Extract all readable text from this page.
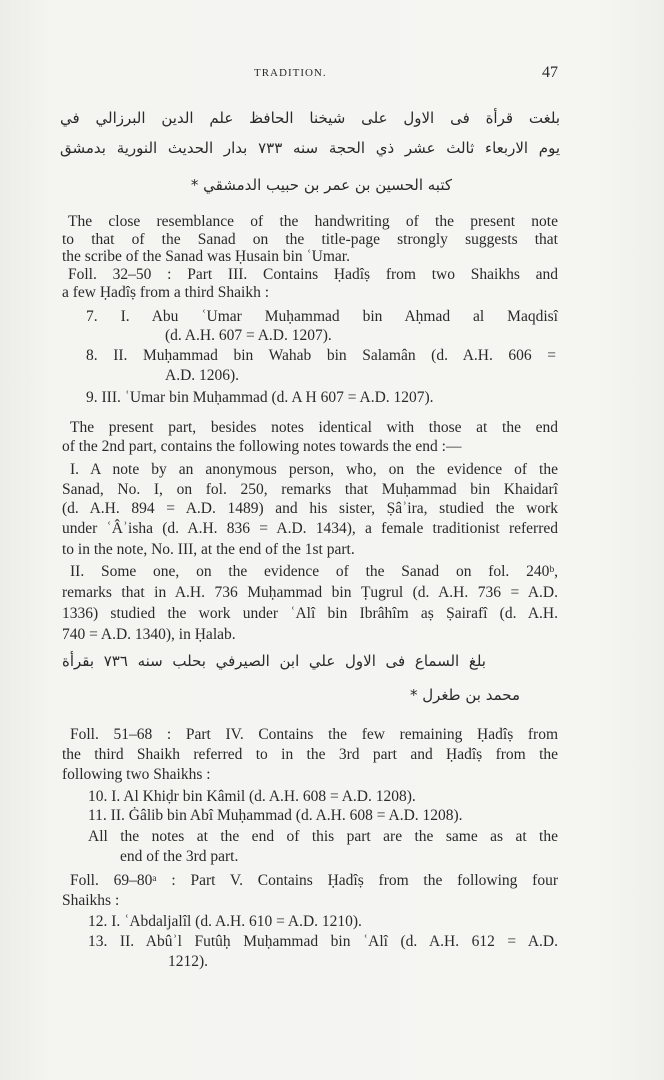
TRADITION.	47
بلغت قرأة فى الاول على شيخنا الحافظ علم الدين البرزالي في
يوم الاربعاء ثالث عشر ذي الحجة سنه ٧٣٣ بدار الحديث النورية بدمشق
كتبه الحسين بن عمر بن حبيب الدمشقي *
The close resemblance of the handwriting of the present note
to that of the Sanad on the title-page strongly suggests that
the scribe of the Sanad was Ḥusain bin ʿUmar.
Foll. 32–50 : Part III. Contains Ḥadîṣ from two Shaikhs and
a few Ḥadîṣ from a third Shaikh :
7. I. Abu ʿUmar Muḥammad bin Aḥmad al Maqdisî
(d. A.H. 607 = A.D. 1207).
8. II. Muḥammad bin Wahab bin Salamân (d. A.H. 606 =
A.D. 1206).
9. III. ʿUmar bin Muḥammad (d. A H 607 = A.D. 1207).
The present part, besides notes identical with those at the end
of the 2nd part, contains the following notes towards the end :—
I. A note by an anonymous person, who, on the evidence of the
Sanad, No. I, on fol. 250, remarks that Muḥammad bin Khaidarî
(d. A.H. 894 = A.D. 1489) and his sister, Ṣâʾira, studied the work
under ʿÂʾisha (d. A.H. 836 = A.D. 1434), a female traditionist referred
to in the note, No. III, at the end of the 1st part.
II. Some one, on the evidence of the Sanad on fol. 240ᵇ,
remarks that in A.H. 736 Muḥammad bin Ṭugrul (d. A.H. 736 = A.D.
1336) studied the work under ʿAlî bin Ibrâhîm aṣ Ṣairafî (d. A.H.
740 = A.D. 1340), in Ḥalab.
بلغ السماع فى الاول علي ابن الصيرفي بحلب سنه ٧٣٦ بقرأة
محمد بن طغرل *
Foll. 51–68 : Part IV. Contains the few remaining Ḥadîṣ from
the third Shaikh referred to in the 3rd part and Ḥadîṣ from the
following two Shaikhs :
10. I. Al Khiḍr bin Kâmil (d. A.H. 608 = A.D. 1208).
11. II. Ġâlib bin Abî Muḥammad (d. A.H. 608 = A.D. 1208).
All the notes at the end of this part are the same as at the
end of the 3rd part.
Foll. 69–80ᵃ : Part V. Contains Ḥadîṣ from the following four
Shaikhs :
12. I. ʿAbdaljalîl (d. A.H. 610 = A.D. 1210).
13. II. Abûʾl Futûḥ Muḥammad bin ʿAlî (d. A.H. 612 = A.D.
1212).
